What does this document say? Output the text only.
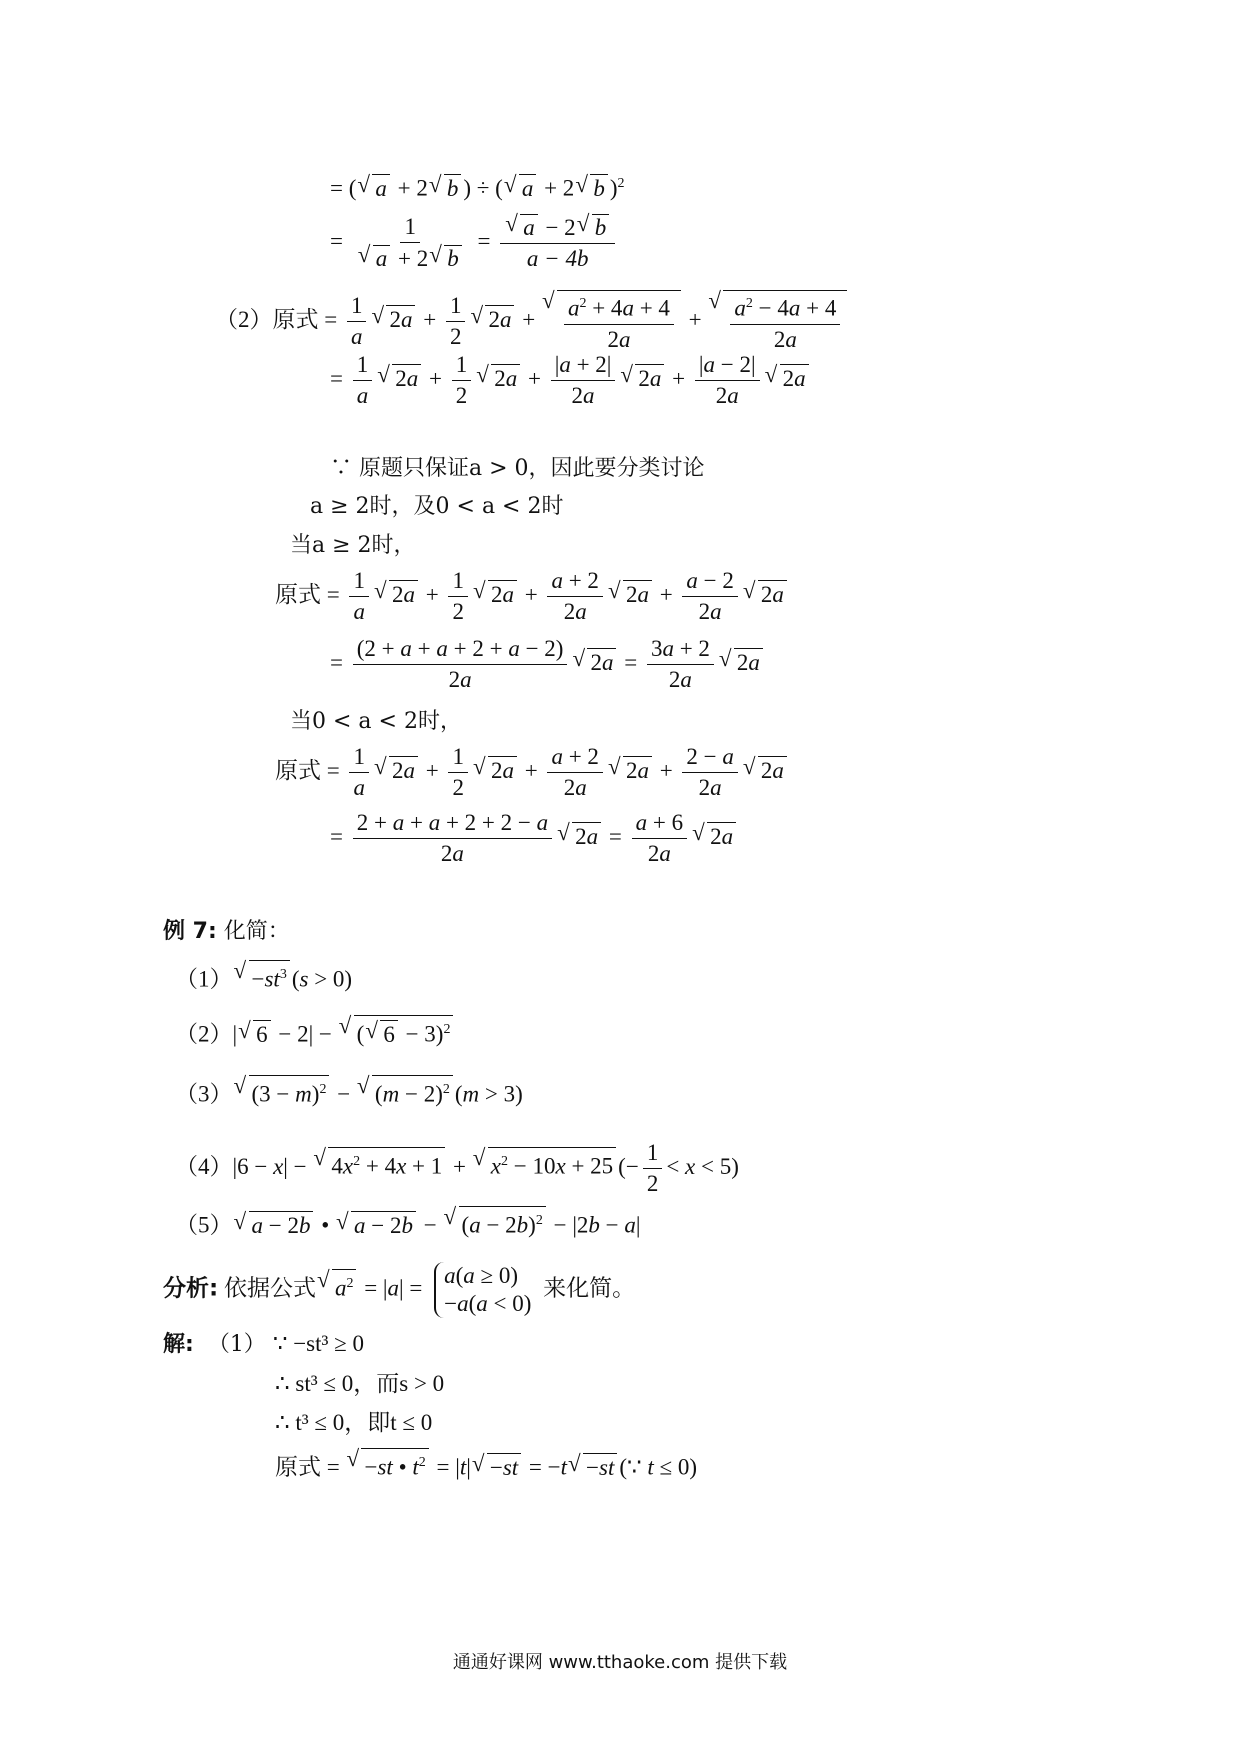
= (√ a + 2√ b ) ÷ (√ a + 2√ b )$^2$
= 1
√ a + 2√ b =
√ $\frac{a - 2√ b}{a - 4b}$
（2）原式 = $\frac{1}{a}$
√ $2a + \frac{1}{2}$
√ 2a +
√ $\frac{a^2 + 4a + 4}{2a}$ +
√ $\frac{a^2 - 4a + 4}{2a}$
= $\frac{1}{a}$
√ $2a + \frac{1}{2}$
√ $2a + \frac{|a + 2|}{2a}$
√ $2a + \frac{|a - 2|}{2a}$
√ 2a
∵ 原题只保证a > 0，因此要分类讨论
a ≥ 2时，及0 < a < 2时
当a ≥ 2时，
原式 = $\frac{1}{a}$
√ $2a + \frac{1}{2}$
√ $2a + \frac{a + 2}{2a}$
√ $2a + \frac{a - 2}{2a}$
√ 2a
= $\frac{(2 + a + a + 2 + a - 2)}{2a}$
√ $2a = \frac{3a + 2}{2a}$
√ 2a
当0 < a < 2时，
原式 = $\frac{1}{a}$
√ $2a + \frac{1}{2}$
√ $2a + \frac{a + 2}{2a}$
√ $2a + \frac{2 - a}{2a}$
√ 2a
= $\frac{2 + a + a + 2 + 2 - a}{2a}$
√ $2a = \frac{a + 6}{2a}$
√ 2a
例 7: 化简：
$(1)√ -st^3$ (s > 0)
（2）|√ 6 − 2| − √ (√ 6 − 3)$^2$
（3）√ $(3 - m)^2$ − √ $(m - 2)^2$ (m > 3)
（4）|6 − x| − √ $4x^2 + 4x + 1$ + √ $x^2 - 10x + 25$ (− $\frac{1}{2} < x < 5$)
（5）√ a − 2b • √ a − 2b − √ $(a - 2b)^2 - |2b - a|$
分析: 依据公式√ $a^2 = |a| = a(a \ge 0)$
−a(a < 0)
来化简。
解: （1） ∵ −st³ ≥ 0
∴ st³ ≤ 0，而s > 0
∴ t³ ≤ 0，即t ≤ 0
原式 = √ −st • $t^2 = |t|√ -st = -t√ -st$ (∵ t ≤ 0)
通通好课网 www.tthaoke.com 提供下载
